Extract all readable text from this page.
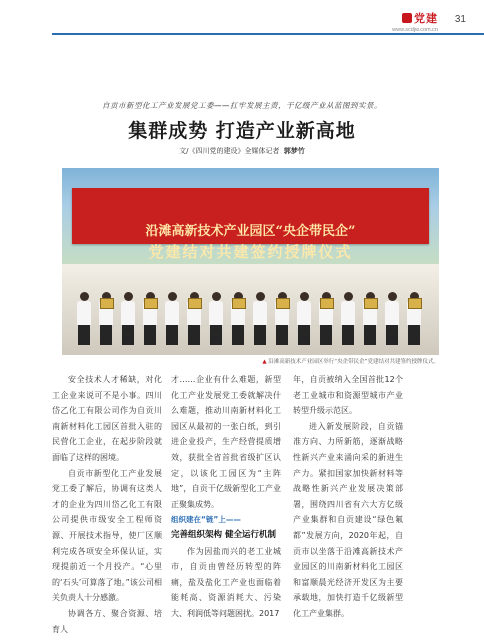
党建
www.scdjw.com.cn
31
自贡市新型化工产业发展党工委——扛牢发展主责，干亿级产业从蓝图到实景。
集群成势 打造产业新高地
文/《四川党的建设》全媒体记者 郭梦竹
沿滩高新技术产业园区“央企带民企”
党建结对共建签约授牌仪式
▲ 沿滩高新技术产业园区举行“央企带民企”党建结对共建签约授牌仪式。

安全技术人才稀缺，对化工企业来说可不是小事。四川岱乙化工有限公司作为自贡川南新材料化工园区首批入驻的民营化工企业，在起步阶段就面临了这样的困境。

自贡市新型化工产业发展党工委了解后，协调有这类人才的企业为四川岱乙化工有限公司提供市级安全工程师资源、开展技术指导，使厂区顺利完成各项安全环保认证，实现提前近一个月投产。“心里的‘石头’可算落了地。”该公司相关负责人十分感激。

协调各方、聚合资源、培育人

才……企业有什么难题，新型化工产业发展党工委就解决什么难题，推动川南新材料化工园区从最初的一张白纸，到引进企业投产，生产经营提质增效，获批全省首批省级扩区认定，以该化工园区为“主阵地”，自贡干亿级新型化工产业正聚集成势。

组织建在“链”上——

完善组织架构 健全运行机制

作为因盐而兴的老工业城市，自贡由曾经历转型的阵痛，盐及盐化工产业也面临着能耗高、资源消耗大、污染大、利润低等问题困扰。2017

年，自贡被纳入全国首批12个老工业城市和资源型城市产业转型升级示范区。

进入新发展阶段，自贡锚准方向、力所新筋，逐渐战略性新兴产业来涌向采的新进生产力。紧扣国家加快新材料等战略性新兴产业发展决策部署，围绕四川省有六大方亿级产业集群和自贡建设“绿色氟都”发展方向，2020年起，自贡市以坐落于沿滩高新技术产业园区的川南新材料化工园区和富顺晨光经济开发区为主要承载地，加快打造千亿级新型化工产业集群。
